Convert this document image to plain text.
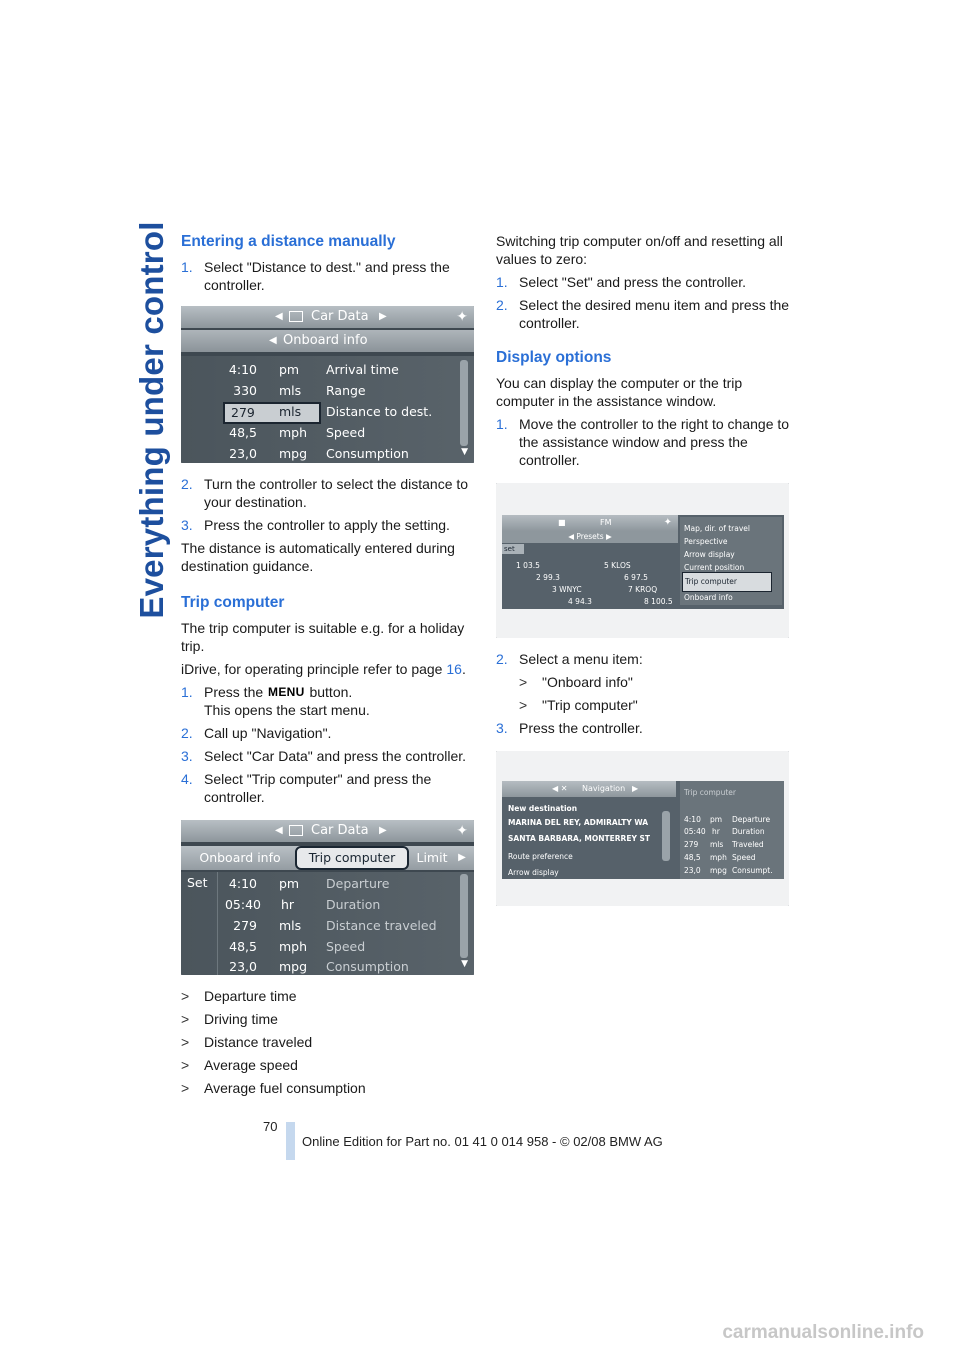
Everything under control Entering a distance manually
1. Select "Distance to dest." and press the controller.
◀ Car Data ▶	✦
◀ Onboard info
4:10 pm Arrival time
330 mls Range
279	mls Distance to dest.
48,5 mph Speed
23,0 mpg Consumption	▼
2. Turn the controller to select the distance to your destination.
3. Press the controller to apply the setting.

The distance is automatically entered during destination guidance.

Trip computer

The trip computer is suitable e.g. for a holiday trip.

iDrive, for operating principle refer to page 16.

1. Press the MENU button.
This opens the start menu.
2. Call up "Navigation".
3. Select "Car Data" and press the controller.
4. Select "Trip computer" and press the controller.
◀ Car Data ▶	✦
Onboard info	Trip computer	Limit	▶
Set	4:10 pm Departure
05:40 hr	Duration
279 mls Distance traveled
48,5 mph Speed
23,0 mpg Consumption	▼
>	Departure time
>	Driving time
>	Distance traveled
>	Average speed
>	Average fuel consumption

Switching trip computer on/off and resetting all values to zero:

1. Select "Set" and press the controller.
2. Select the desired menu item and press the controller.
Display options

You can display the computer or the trip computer in the assistance window.

1. Move the controller to the right to change to the assistance window and press the controller.
■	FM	✦
◀ Presets ▶
set
1 03.5	5 KLOS
2 99.3	6 97.5
3 WNYC	7 KROQ
4 94.3	8 100.5
Map, dir. of travel
Perspective
Arrow display
Current position
Trip computer
Onboard info
2. Select a menu item:
>	"Onboard info"
>	"Trip computer"
3. Press the controller.
◀ ✕ Navigation ▶
New destination
MARINA DEL REY, ADMIRALTY WA
SANTA BARBARA, MONTERREY ST
Route preference
Arrow display
Trip computer
4:10 pm Departure
05:40 hr Duration
279 mls Traveled
48,5 mph Speed
23,0 mpg Consumpt.
70
Online Edition for Part no. 01 41 0 014 958 - © 02/08 BMW AG
carmanualsonline.info
